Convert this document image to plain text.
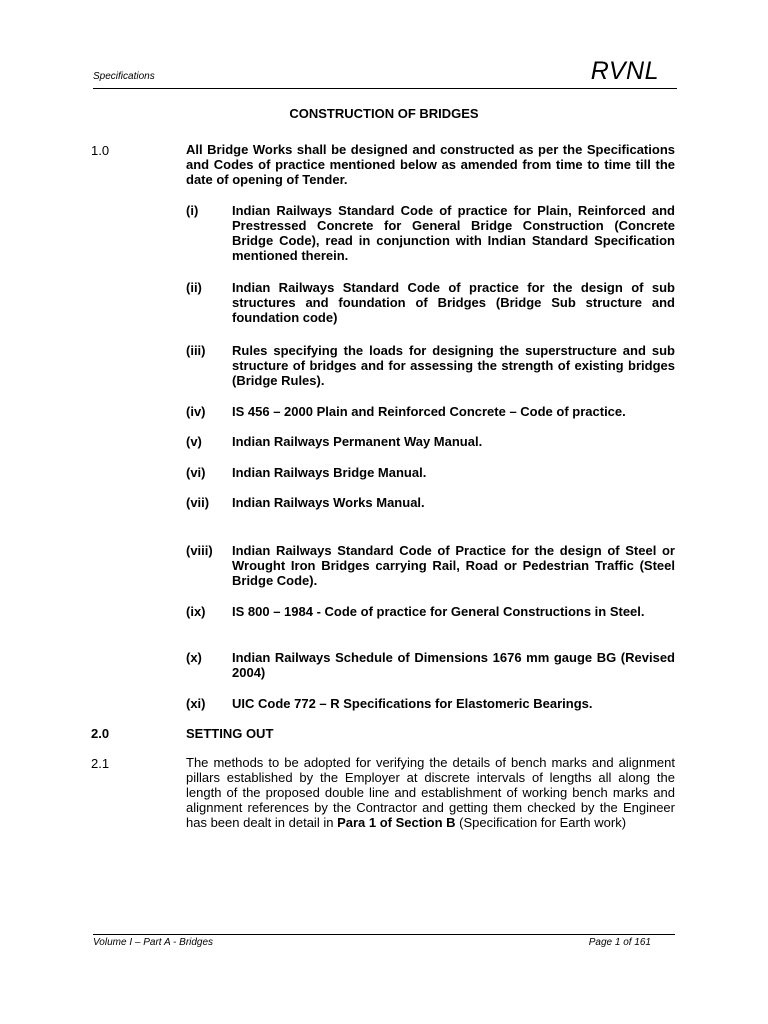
Specifications	RVNL
CONSTRUCTION OF BRIDGES
1.0	All Bridge Works shall be designed and constructed as per the Specifications and Codes of practice mentioned below as amended from time to time till the date of opening of Tender.
(i)	Indian Railways Standard Code of practice for Plain, Reinforced and Prestressed Concrete for General Bridge Construction (Concrete Bridge Code), read in conjunction with Indian Standard Specification mentioned therein.
(ii) Indian Railways Standard Code of practice for the design of sub structures and foundation of Bridges (Bridge Sub structure and foundation code)
(iii) Rules specifying the loads for designing the superstructure and sub structure of bridges and for assessing the strength of existing bridges (Bridge Rules).
(iv) IS 456 – 2000 Plain and Reinforced Concrete – Code of practice.
(v) Indian Railways Permanent Way Manual.
(vi) Indian Railways Bridge Manual.
(vii) Indian Railways Works Manual.
(viii) Indian Railways Standard Code of Practice for the design of Steel or Wrought Iron Bridges carrying Rail, Road or Pedestrian Traffic (Steel Bridge Code).
(ix) IS 800 – 1984 - Code of practice for General Constructions in Steel.
(x) Indian Railways Schedule of Dimensions 1676 mm gauge BG (Revised 2004)
(xi) UIC Code 772 – R Specifications for Elastomeric Bearings.
2.0	SETTING OUT
2.1	The methods to be adopted for verifying the details of bench marks and alignment pillars established by the Employer at discrete intervals of lengths all along the length of the proposed double line and establishment of working bench marks and alignment references by the Contractor and getting them checked by the Engineer has been dealt in detail in Para 1 of Section B (Specification for Earth work)
Volume I – Part A - Bridges	Page 1 of 161
